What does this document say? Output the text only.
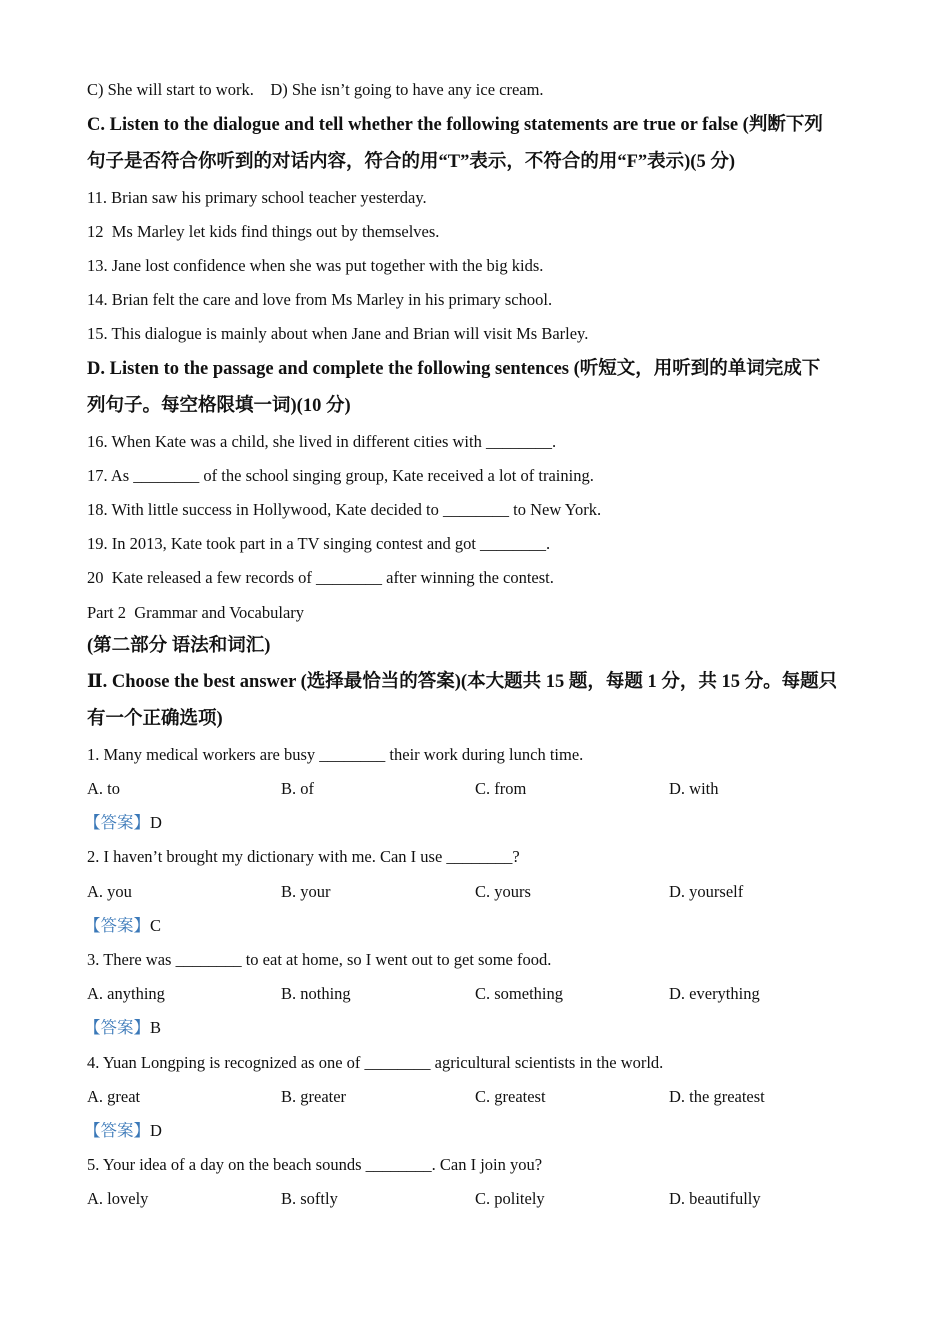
C) She will start to work.    D) She isn’t going to have any ice cream.
C. Listen to the dialogue and tell whether the following statements are true or false (判断下列
句子是否符合你听到的对话内容，符合的用“T”表示，不符合的用“F”表示)(5 分)
11. Brian saw his primary school teacher yesterday.
12  Ms Marley let kids find things out by themselves.
13. Jane lost confidence when she was put together with the big kids.
14. Brian felt the care and love from Ms Marley in his primary school.
15. This dialogue is mainly about when Jane and Brian will visit Ms Barley.
D. Listen to the passage and complete the following sentences (听短文，用听到的单词完成下
列句子。每空格限填一词)(10 分)
16. When Kate was a child, she lived in different cities with ________.
17. As ________ of the school singing group, Kate received a lot of training.
18. With little success in Hollywood, Kate decided to ________ to New York.
19. In 2013, Kate took part in a TV singing contest and got ________.
20  Kate released a few records of ________ after winning the contest.
Part 2  Grammar and Vocabulary
(第二部分 语法和词汇)
Ⅱ. Choose the best answer (选择最恰当的答案)(本大题共 15 题，每题 1 分，共 15 分。每题只
有一个正确选项)
1. Many medical workers are busy ________ their work during lunch time.
A. to	B. of	C. from	D. with
【答案】D
2. I haven’t brought my dictionary with me. Can I use ________?
A. you	B. your	C. yours	D. yourself
【答案】C
3. There was ________ to eat at home, so I went out to get some food.
A. anything	B. nothing	C. something	D. everything
【答案】B
4. Yuan Longping is recognized as one of ________ agricultural scientists in the world.
A. great	B. greater	C. greatest	D. the greatest
【答案】D
5. Your idea of a day on the beach sounds ________. Can I join you?
A. lovely	B. softly	C. politely	D. beautifully
